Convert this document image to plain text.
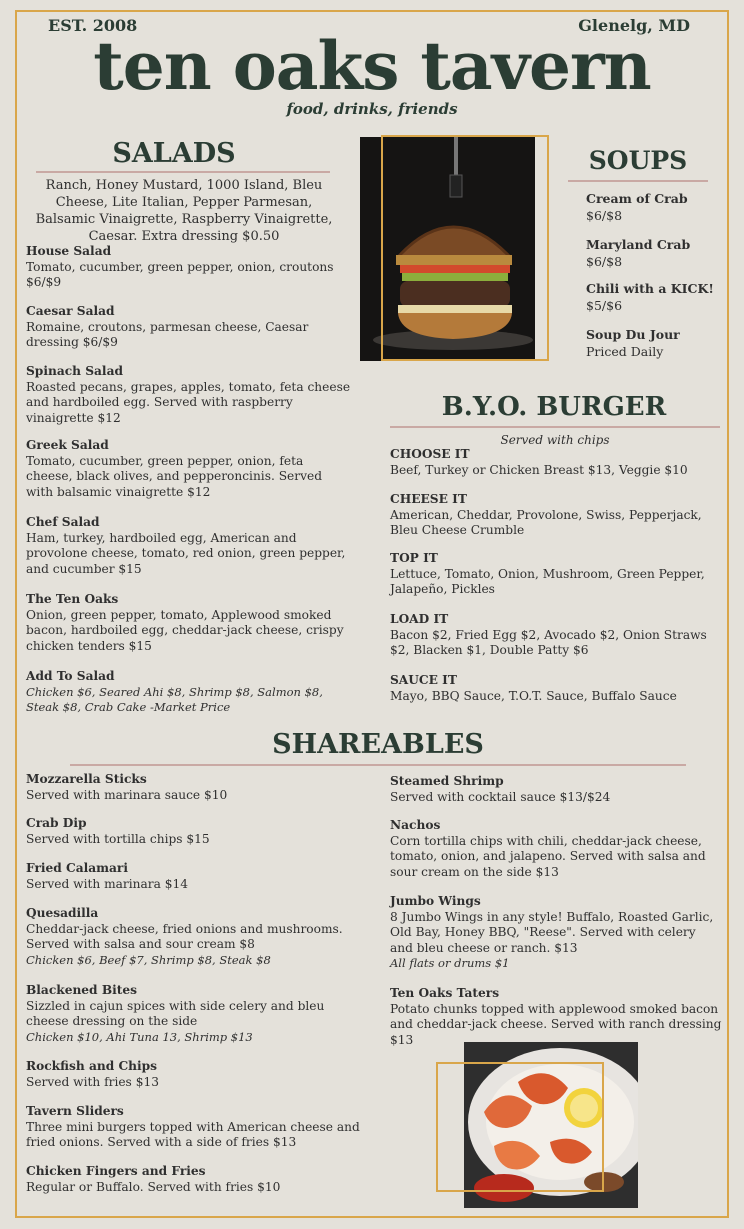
EST. 2008	Glenelg, MD
ten oaks tavern
food, drinks, friends
SALADS
Ranch, Honey Mustard, 1000 Island, Bleu Cheese, Lite Italian, Pepper Parmesan, Balsamic Vinaigrette, Raspberry Vinaigrette, Caesar. Extra dressing $0.50
House Salad
Tomato, cucumber, green pepper, onion, croutons $6/$9
Caesar Salad
Romaine, croutons, parmesan cheese, Caesar dressing $6/$9
Spinach Salad
Roasted pecans, grapes, apples, tomato, feta cheese and hardboiled egg. Served with raspberry vinaigrette $12
Greek Salad
Tomato, cucumber, green pepper, onion, feta cheese, black olives, and pepperoncinis. Served with balsamic vinaigrette $12
Chef Salad
Ham, turkey, hardboiled egg, American and provolone cheese, tomato, red onion, green pepper, and cucumber $15
The Ten Oaks
Onion, green pepper, tomato, Applewood smoked bacon, hardboiled egg, cheddar-jack cheese, crispy chicken tenders $15
Add To Salad
Chicken $6, Seared Ahi $8, Shrimp $8, Salmon $8, Steak $8, Crab Cake -Market Price
SOUPS
Cream of Crab
$6/$8
Maryland Crab
$6/$8
Chili with a KICK!
$5/$6
Soup Du Jour
Priced Daily
B.Y.O. BURGER
Served with chips
CHOOSE IT
Beef, Turkey or Chicken Breast $13, Veggie $10
CHEESE IT
American, Cheddar, Provolone, Swiss, Pepperjack, Bleu Cheese Crumble
TOP IT
Lettuce, Tomato, Onion, Mushroom, Green Pepper, Jalapeño, Pickles
LOAD IT
Bacon $2, Fried Egg $2, Avocado $2, Onion Straws $2, Blacken $1, Double Patty $6
SAUCE IT
Mayo, BBQ Sauce, T.O.T. Sauce, Buffalo Sauce
SHAREABLES
Mozzarella Sticks
Served with marinara sauce $10
Crab Dip
Served with tortilla chips $15
Fried Calamari
Served with marinara $14
Quesadilla
Cheddar-jack cheese, fried onions and mushrooms. Served with salsa and sour cream $8
Chicken $6, Beef $7, Shrimp $8, Steak $8
Blackened Bites
Sizzled in cajun spices with side celery and bleu cheese dressing on the side
Chicken $10, Ahi Tuna 13, Shrimp $13
Rockfish and Chips
Served with fries $13
Tavern Sliders
Three mini burgers topped with American cheese and fried onions. Served with a side of fries $13
Chicken Fingers and Fries
Regular or Buffalo. Served with fries $10
Steamed Shrimp
Served with cocktail sauce $13/$24
Nachos
Corn tortilla chips with chili, cheddar-jack cheese, tomato, onion, and jalapeno. Served with salsa and sour cream on the side $13
Jumbo Wings
8 Jumbo Wings in any style! Buffalo, Roasted Garlic, Old Bay, Honey BBQ, "Reese". Served with celery and bleu cheese or ranch. $13
All flats or drums $1
Ten Oaks Taters
Potato chunks topped with applewood smoked bacon and cheddar-jack cheese. Served with ranch dressing $13
